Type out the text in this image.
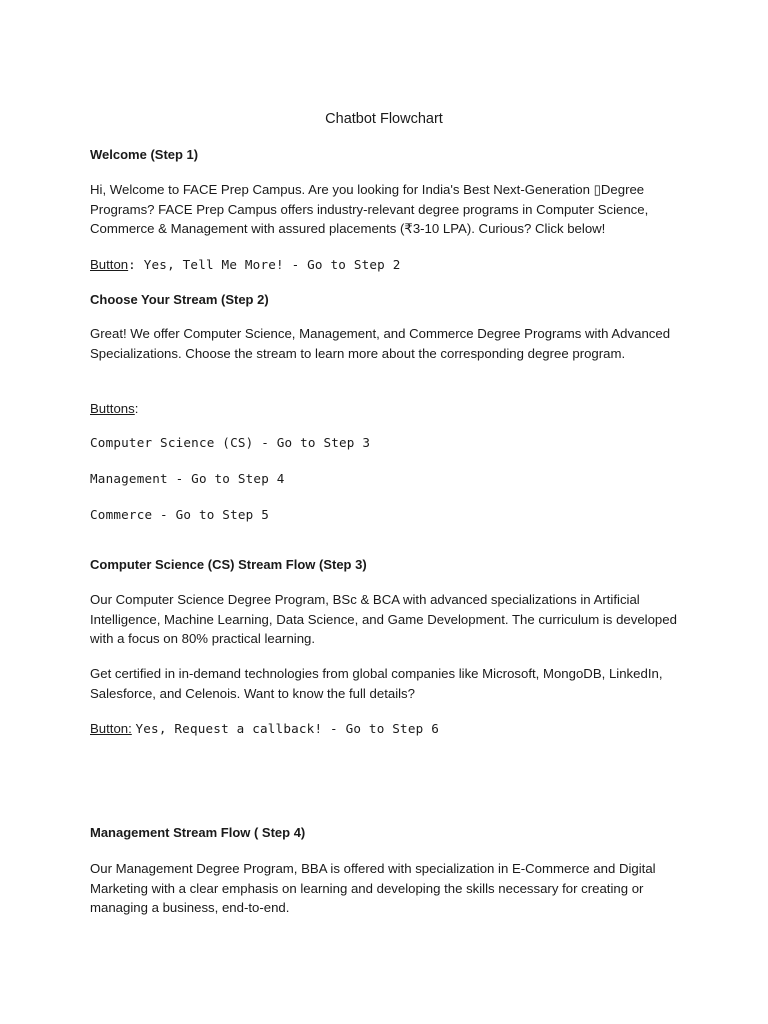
Chatbot Flowchart
Welcome (Step 1)

Hi, Welcome to FACE Prep Campus. Are you looking for India's Best Next-Generation ▯Degree Programs? FACE Prep Campus offers industry-relevant degree programs in Computer Science, Commerce & Management with assured placements (₹3-10 LPA). Curious? Click below!

Button: Yes, Tell Me More! - Go to Step 2

Choose Your Stream (Step 2)

Great! We offer Computer Science, Management, and Commerce Degree Programs with Advanced Specializations. Choose the stream to learn more about the corresponding degree program.

Buttons:

Computer Science (CS) - Go to Step 3

Management - Go to Step 4

Commerce - Go to Step 5

Computer Science (CS) Stream Flow (Step 3)

Our Computer Science Degree Program, BSc & BCA with advanced specializations in Artificial Intelligence, Machine Learning, Data Science, and Game Development. The curriculum is developed with a focus on 80% practical learning.

Get certified in in-demand technologies from global companies like Microsoft, MongoDB, LinkedIn, Salesforce, and Celenois. Want to know the full details?

Button: Yes, Request a callback! - Go to Step 6

Management Stream Flow ( Step 4)

Our Management Degree Program, BBA is offered with specialization in E-Commerce and Digital Marketing with a clear emphasis on learning and developing the skills necessary for creating or managing a business, end-to-end.
